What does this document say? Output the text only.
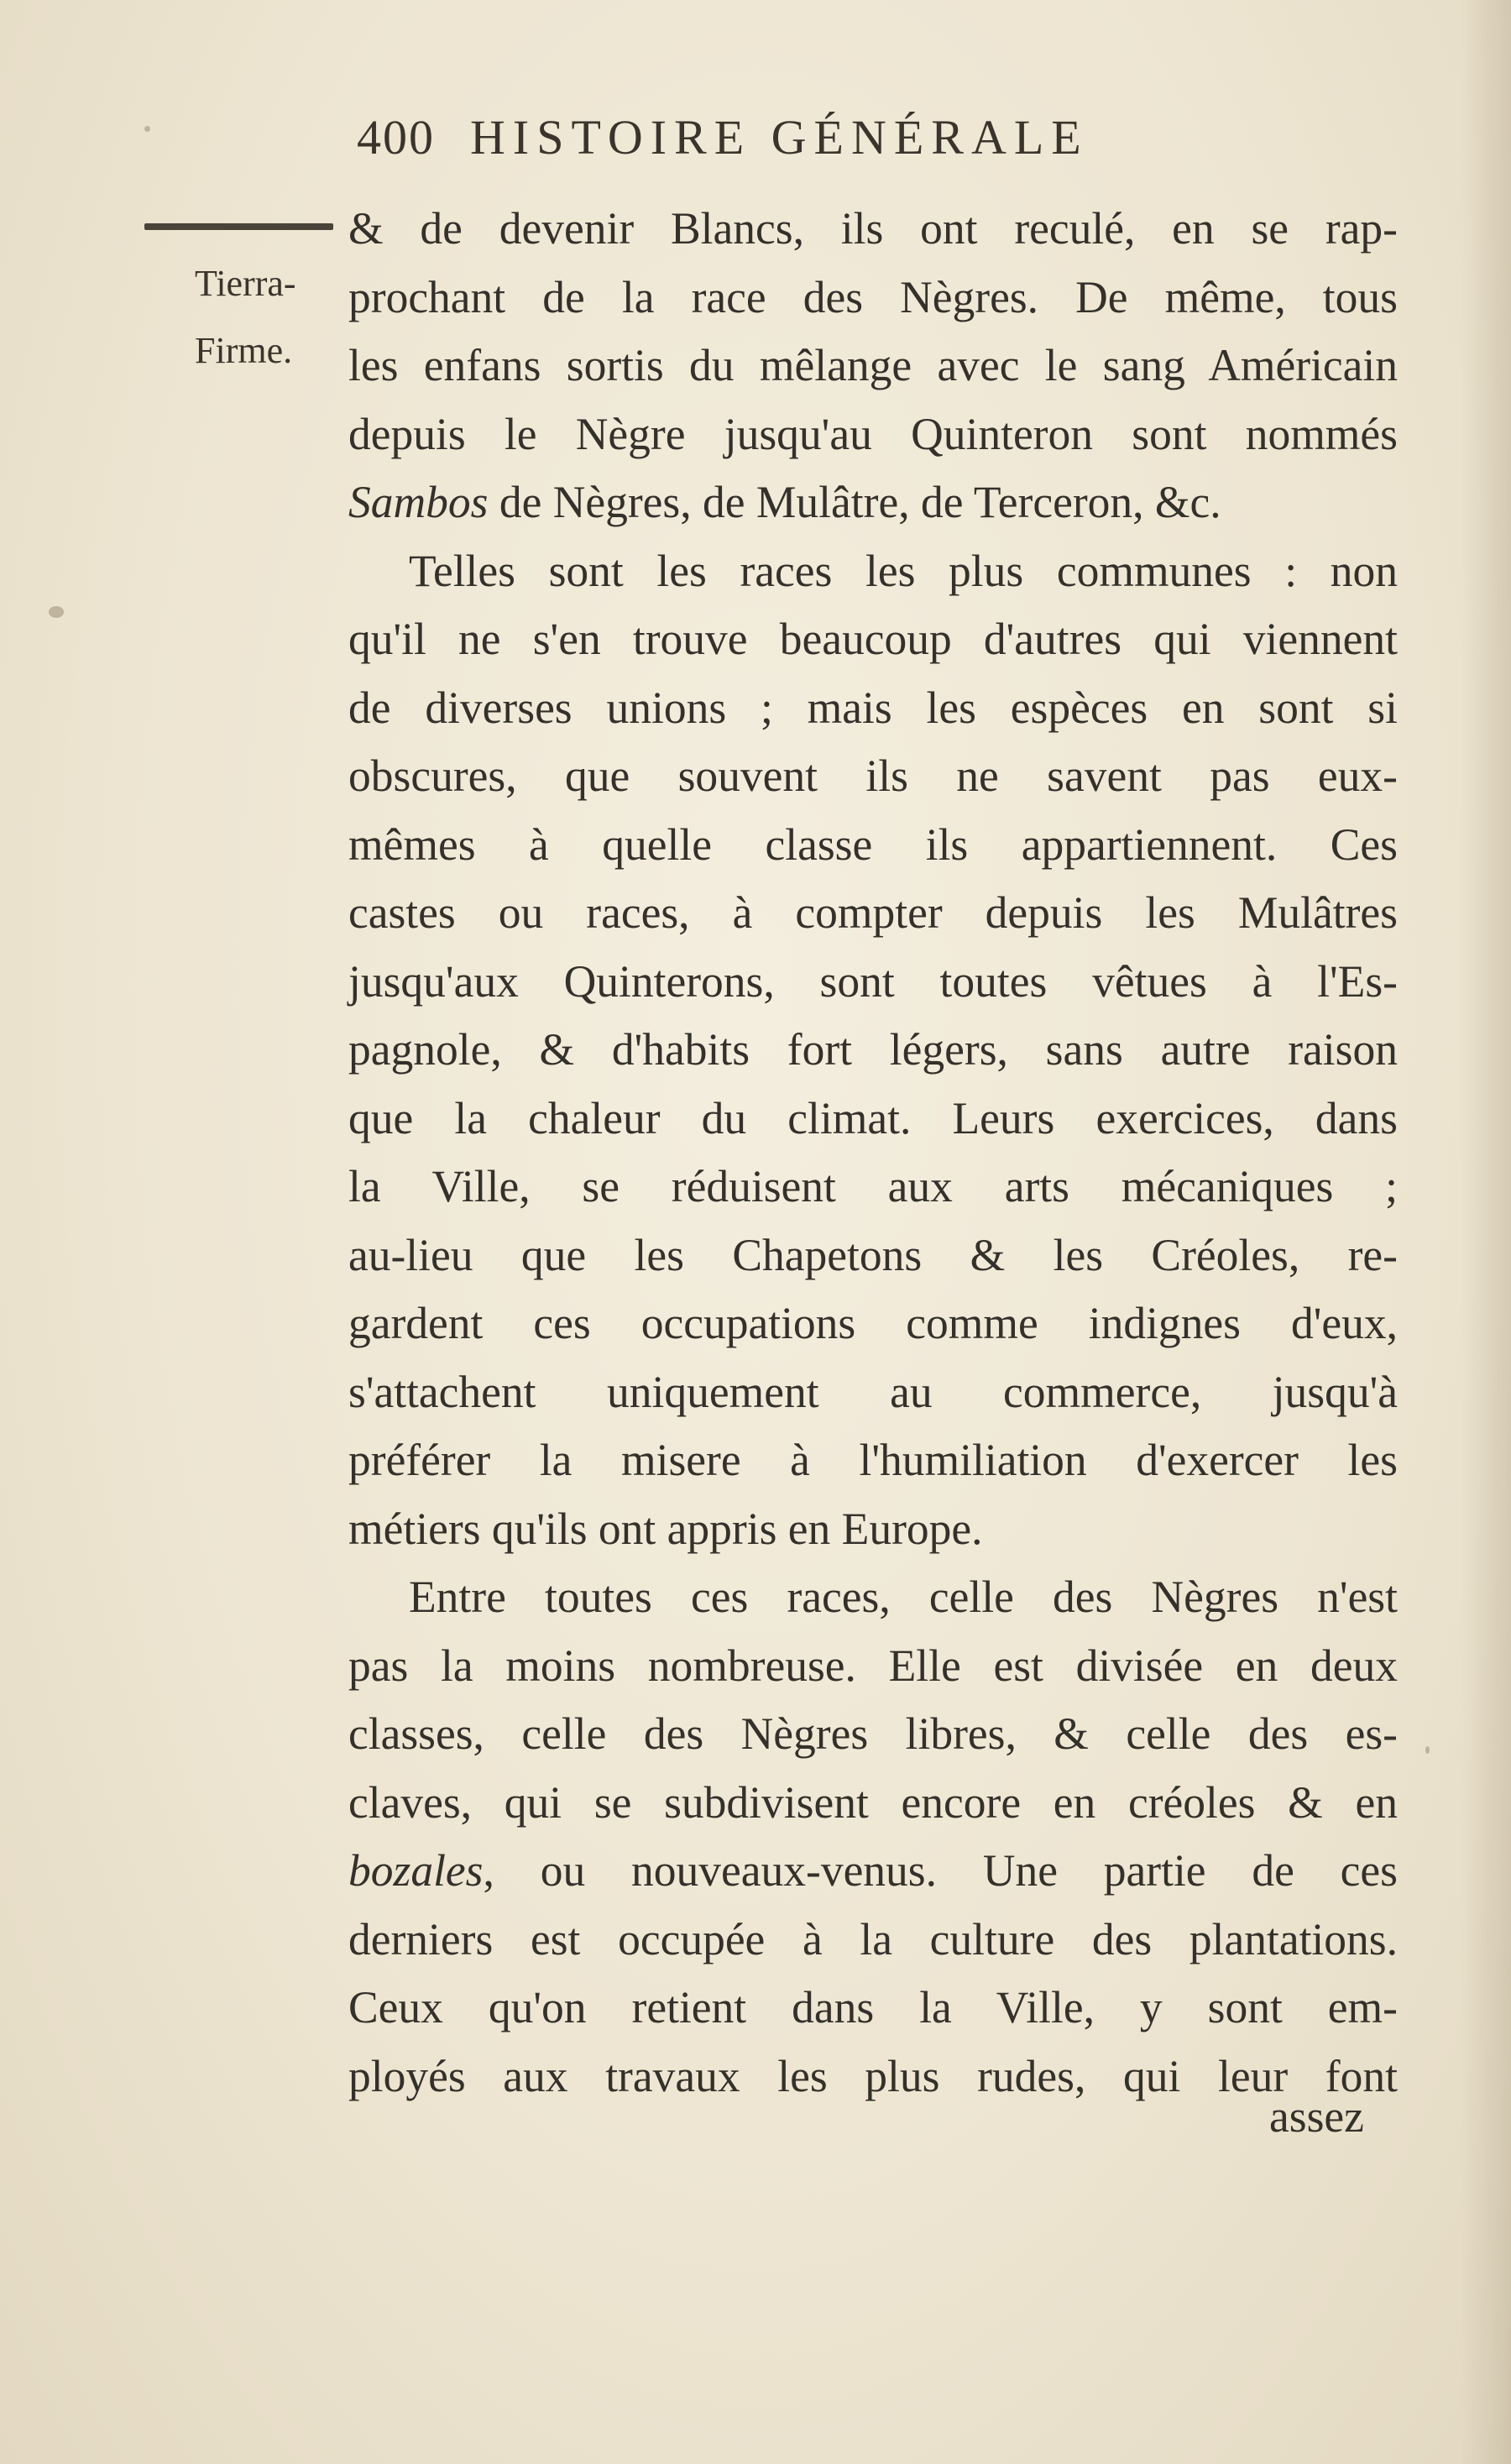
400 HISTOIRE GÉNÉRALE
Tierra-
Firme.
& de devenir Blancs, ils ont reculé, en se rap-
prochant de la race des Nègres. De même, tous
les enfans sortis du mêlange avec le sang Américain
depuis le Nègre jusqu'au Quinteron sont nommés
Sambos de Nègres, de Mulâtre, de Terceron, &c.
Telles sont les races les plus communes : non
qu'il ne s'en trouve beaucoup d'autres qui viennent
de diverses unions ; mais les espèces en sont si
obscures, que souvent ils ne savent pas eux-
mêmes à quelle classe ils appartiennent. Ces
castes ou races, à compter depuis les Mulâtres
jusqu'aux Quinterons, sont toutes vêtues à l'Es-
pagnole, & d'habits fort légers, sans autre raison
que la chaleur du climat. Leurs exercices, dans
la Ville, se réduisent aux arts mécaniques ;
au-lieu que les Chapetons & les Créoles, re-
gardent ces occupations comme indignes d'eux,
s'attachent uniquement au commerce, jusqu'à
préférer la misere à l'humiliation d'exercer les
métiers qu'ils ont appris en Europe.
Entre toutes ces races, celle des Nègres n'est
pas la moins nombreuse. Elle est divisée en deux
classes, celle des Nègres libres, & celle des es-
claves, qui se subdivisent encore en créoles & en
bozales, ou nouveaux-venus. Une partie de ces
derniers est occupée à la culture des plantations.
Ceux qu'on retient dans la Ville, y sont em-
ployés aux travaux les plus rudes, qui leur font
assez
